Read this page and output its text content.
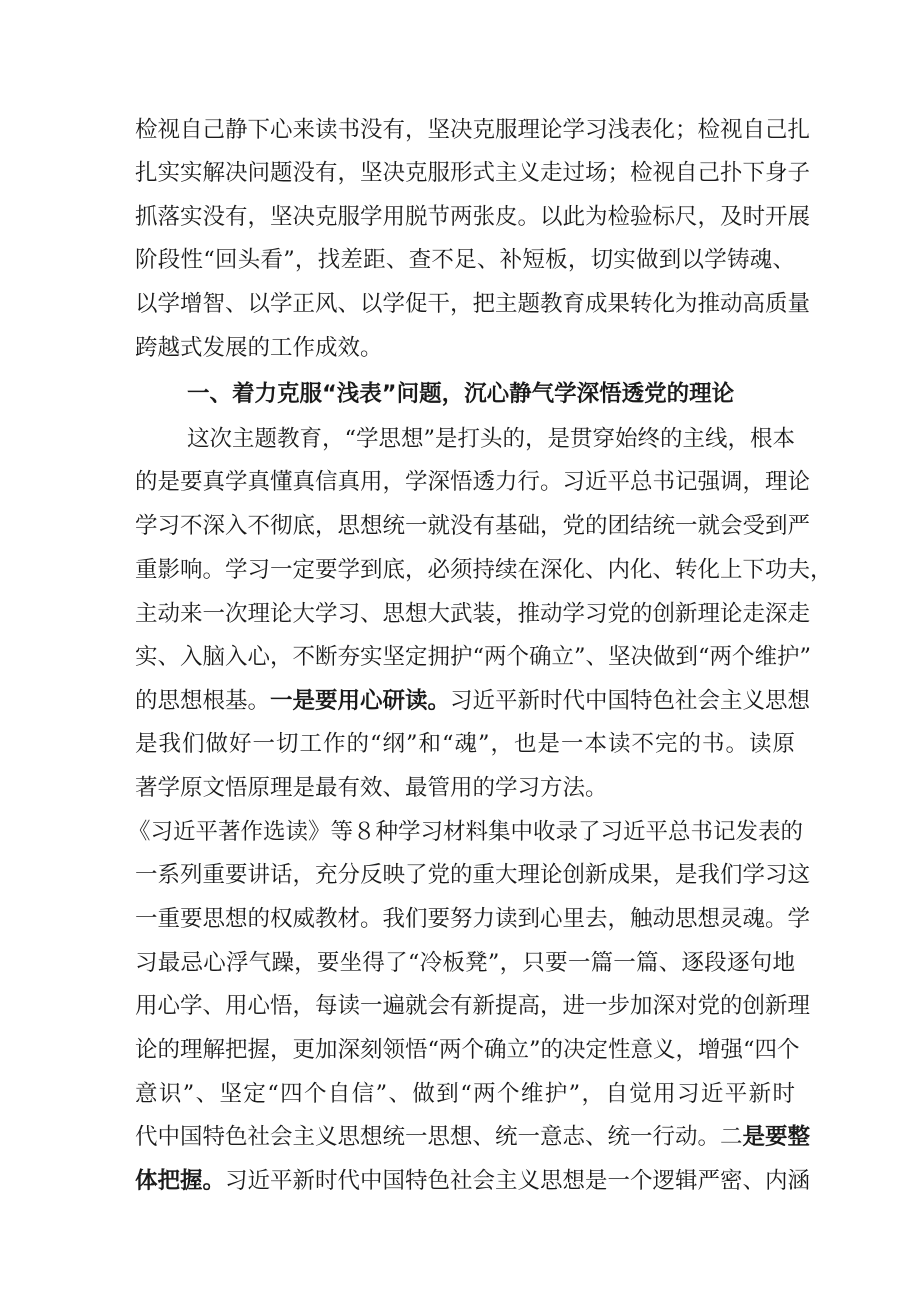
检视自己静下心来读书没有，坚决克服理论学习浅表化；检视自己扎
扎实实解决问题没有，坚决克服形式主义走过场；检视自己扑下身子
抓落实没有，坚决克服学用脱节两张皮。以此为检验标尺，及时开展
阶段性“回头看”，找差距、查不足、补短板，切实做到以学铸魂、
以学增智、以学正风、以学促干，把主题教育成果转化为推动高质量
跨越式发展的工作成效。
一、着力克服“浅表”问题，沉心静气学深悟透党的理论
这次主题教育，“学思想”是打头的，是贯穿始终的主线，根本
的是要真学真懂真信真用，学深悟透力行。习近平总书记强调，理论
学习不深入不彻底，思想统一就没有基础，党的团结统一就会受到严
重影响。学习一定要学到底，必须持续在深化、内化、转化上下功夫，
主动来一次理论大学习、思想大武装，推动学习党的创新理论走深走
实、入脑入心，不断夯实坚定拥护“两个确立”、坚决做到“两个维护”
的思想根基。一是要用心研读。习近平新时代中国特色社会主义思想
是我们做好一切工作的“纲”和“魂”，也是一本读不完的书。读原
著学原文悟原理是最有效、最管用的学习方法。
《习近平著作选读》等８种学习材料集中收录了习近平总书记发表的
一系列重要讲话，充分反映了党的重大理论创新成果，是我们学习这
一重要思想的权威教材。我们要努力读到心里去，触动思想灵魂。学
习最忌心浮气躁，要坐得了“冷板凳”，只要一篇一篇、逐段逐句地
用心学、用心悟，每读一遍就会有新提高，进一步加深对党的创新理
论的理解把握，更加深刻领悟“两个确立”的决定性意义，增强“四个
意识”、坚定“四个自信”、做到“两个维护”，自觉用习近平新时
代中国特色社会主义思想统一思想、统一意志、统一行动。二是要整
体把握。习近平新时代中国特色社会主义思想是一个逻辑严密、内涵
